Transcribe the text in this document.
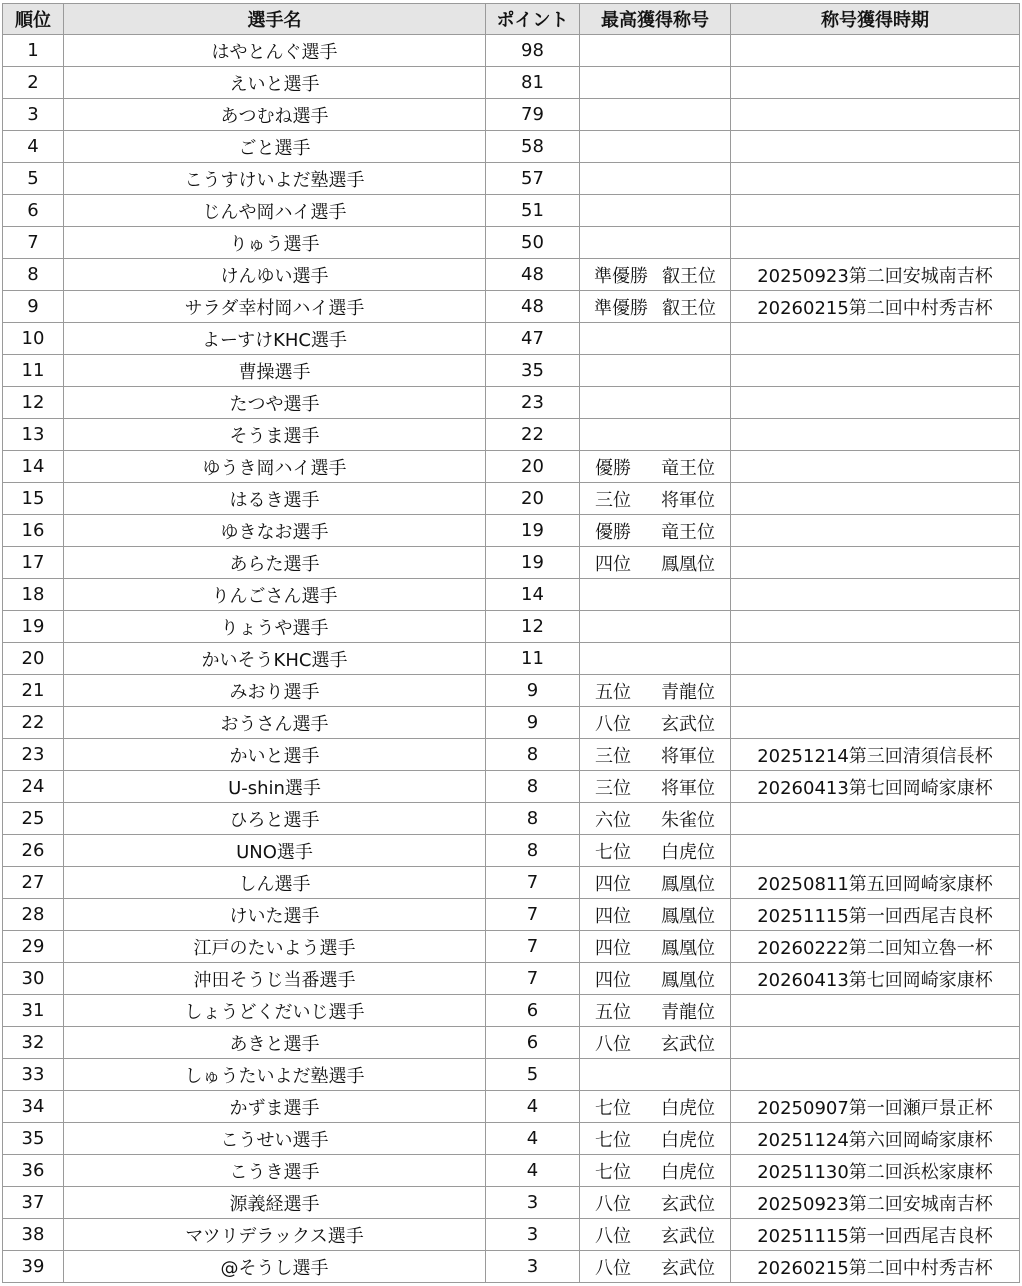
順位	選手名	ポイント	最高獲得称号	称号獲得時期
1	はやとんぐ選手	98		
2	えいと選手	81		
3	あつむね選手	79		
4	ごと選手	58		
5	こうすけいよだ塾選手	57		
6	じんや岡ハイ選手	51		
7	りゅう選手	50		
8	けんゆい選手	48	準優勝 叡王位	20250923第二回安城南吉杯
9	サラダ幸村岡ハイ選手	48	準優勝 叡王位	20260215第二回中村秀吉杯
10	よーすけKHC選手	47		
11	曹操選手	35		
12	たつや選手	23		
13	そうま選手	22		
14	ゆうき岡ハイ選手	20	優勝 竜王位	
15	はるき選手	20	三位 将軍位	
16	ゆきなお選手	19	優勝 竜王位	
17	あらた選手	19	四位 鳳凰位	
18	りんごさん選手	14		
19	りょうや選手	12		
20	かいそうKHC選手	11		
21	みおり選手	9	五位 青龍位	
22	おうさん選手	9	八位 玄武位	
23	かいと選手	8	三位 将軍位	20251214第三回清須信長杯
24	U-shin選手	8	三位 将軍位	20260413第七回岡崎家康杯
25	ひろと選手	8	六位 朱雀位	
26	UNO選手	8	七位 白虎位	
27	しん選手	7	四位 鳳凰位	20250811第五回岡崎家康杯
28	けいた選手	7	四位 鳳凰位	20251115第一回西尾吉良杯
29	江戸のたいよう選手	7	四位 鳳凰位	20260222第二回知立魯一杯
30	沖田そうじ当番選手	7	四位 鳳凰位	20260413第七回岡崎家康杯
31	しょうどくだいじ選手	6	五位 青龍位	
32	あきと選手	6	八位 玄武位	
33	しゅうたいよだ塾選手	5		
34	かずま選手	4	七位 白虎位	20250907第一回瀬戸景正杯
35	こうせい選手	4	七位 白虎位	20251124第六回岡崎家康杯
36	こうき選手	4	七位 白虎位	20251130第二回浜松家康杯
37	源義経選手	3	八位 玄武位	20250923第二回安城南吉杯
38	マツリデラックス選手	3	八位 玄武位	20251115第一回西尾吉良杯
39	@そうし選手	3	八位 玄武位	20260215第二回中村秀吉杯
